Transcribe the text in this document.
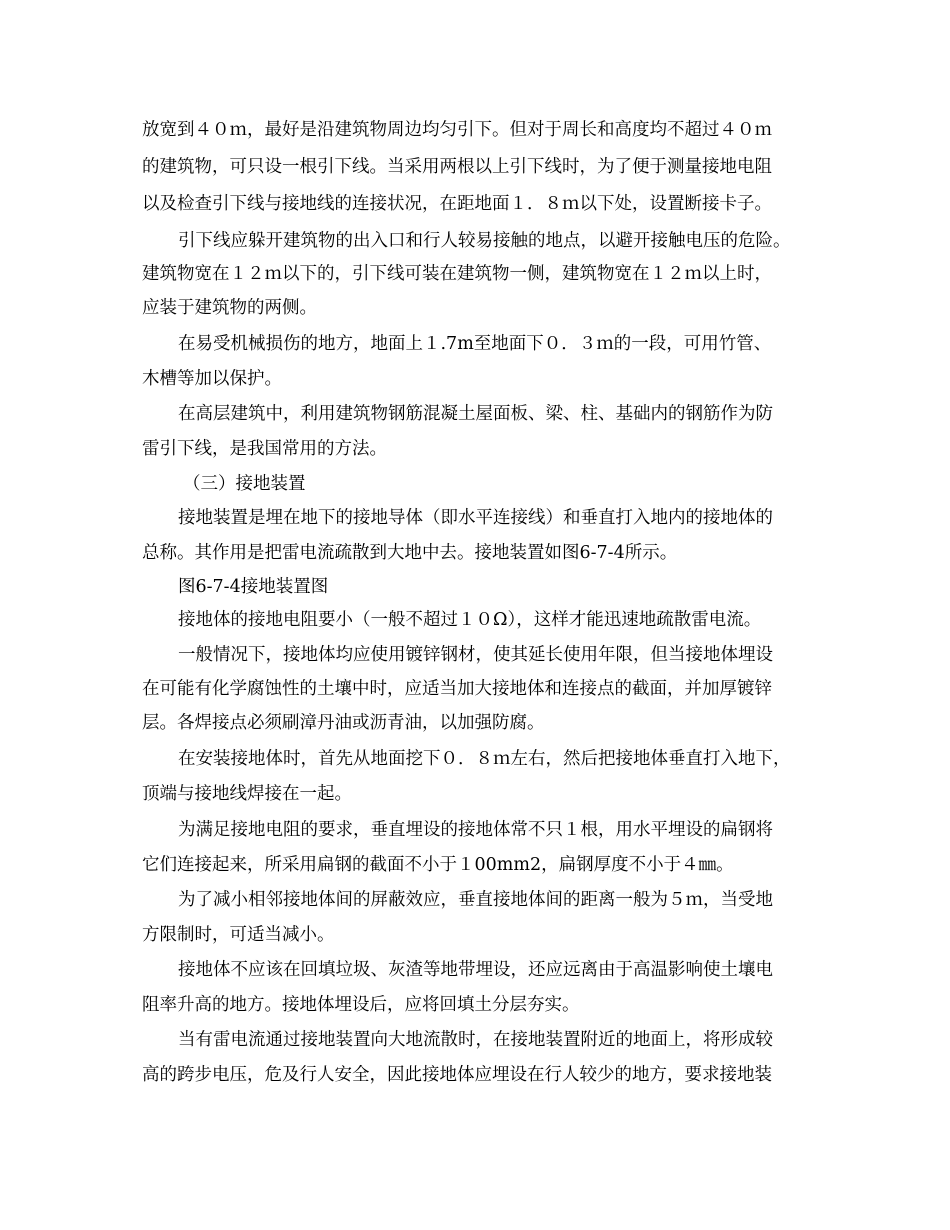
放宽到４０ｍ，最好是沿建筑物周边均匀引下。但对于周长和高度均不超过４０ｍ
的建筑物，可只设一根引下线。当采用两根以上引下线时，为了便于测量接地电阻
以及检查引下线与接地线的连接状况，在距地面１．８ｍ以下处，设置断接卡子。
引下线应躲开建筑物的出入口和行人较易接触的地点，以避开接触电压的危险。
建筑物宽在１２ｍ以下的，引下线可装在建筑物一侧，建筑物宽在１２ｍ以上时，
应装于建筑物的两侧。
在易受机械损伤的地方，地面上１.7m至地面下０．３ｍ的一段，可用竹管、
木槽等加以保护。
在高层建筑中，利用建筑物钢筋混凝土屋面板、梁、柱、基础内的钢筋作为防
雷引下线，是我国常用的方法。
（三）接地装置
接地装置是埋在地下的接地导体（即水平连接线）和垂直打入地内的接地体的
总称。其作用是把雷电流疏散到大地中去。接地装置如图6-7-4所示。
图6-7-4接地装置图
接地体的接地电阻要小（一般不超过１０Ω），这样才能迅速地疏散雷电流。
一般情况下，接地体均应使用镀锌钢材，使其延长使用年限，但当接地体埋设
在可能有化学腐蚀性的土壤中时，应适当加大接地体和连接点的截面，并加厚镀锌
层。各焊接点必须刷漳丹油或沥青油，以加强防腐。
在安装接地体时，首先从地面挖下０．８ｍ左右，然后把接地体垂直打入地下，
顶端与接地线焊接在一起。
为满足接地电阻的要求，垂直埋设的接地体常不只１根，用水平埋设的扁钢将
它们连接起来，所采用扁钢的截面不小于１00mm2，扁钢厚度不小于４㎜。
为了减小相邻接地体间的屏蔽效应，垂直接地体间的距离一般为５ｍ，当受地
方限制时，可适当减小。
接地体不应该在回填垃圾、灰渣等地带埋设，还应远离由于高温影响使土壤电
阻率升高的地方。接地体埋设后，应将回填土分层夯实。
当有雷电流通过接地装置向大地流散时，在接地装置附近的地面上，将形成较
高的跨步电压，危及行人安全，因此接地体应埋设在行人较少的地方，要求接地装
